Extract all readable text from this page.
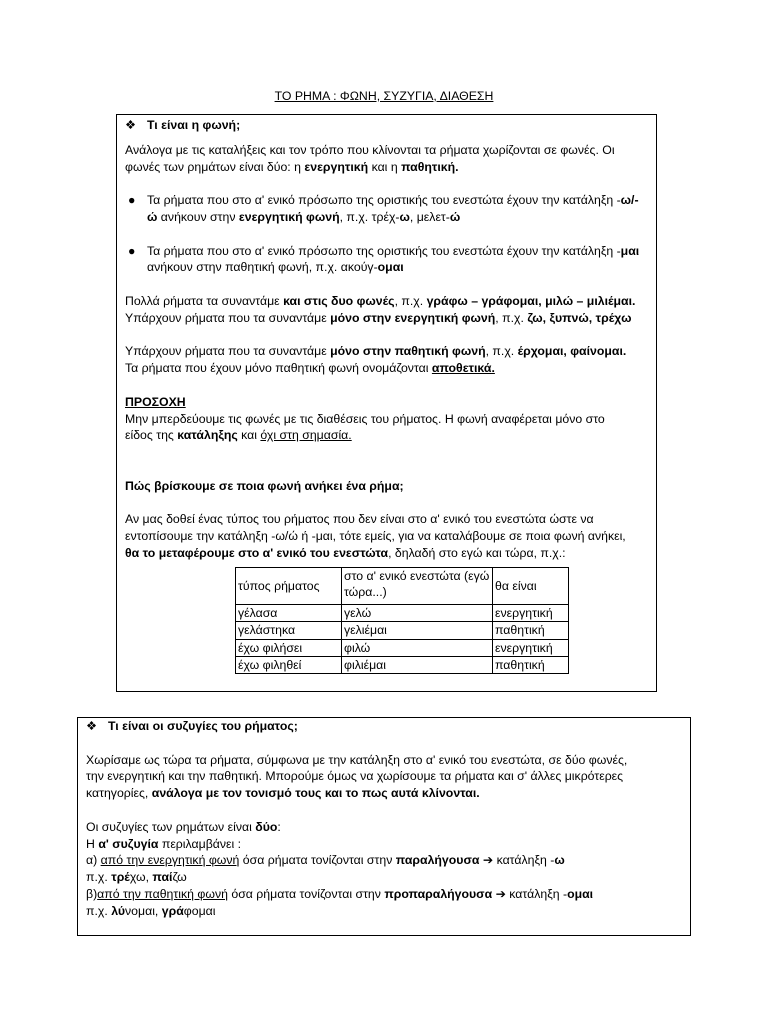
ΤΟ ΡΗΜΑ : ΦΩΝΗ, ΣΥΖΥΓΙΑ, ΔΙΑΘΕΣΗ
❖ Τι είναι η φωνή;
Ανάλογα με τις καταλήξεις και τον τρόπο που κλίνονται τα ρήματα χωρίζονται σε φωνές. Οι
φωνές των ρημάτων είναι δύο: η ενεργητική και η παθητική.
● Τα ρήματα που στο α' ενικό πρόσωπο της οριστικής του ενεστώτα έχουν την κατάληξη -ω/-
ώ ανήκουν στην ενεργητική φωνή, π.χ. τρέχ-ω, μελετ-ώ
● Τα ρήματα που στο α' ενικό πρόσωπο της οριστικής του ενεστώτα έχουν την κατάληξη -μαι
ανήκουν στην παθητική φωνή, π.χ. ακούγ-ομαι
Πολλά ρήματα τα συναντάμε και στις δυο φωνές, π.χ. γράφω – γράφομαι, μιλώ – μιλιέμαι.
Υπάρχουν ρήματα που τα συναντάμε μόνο στην ενεργητική φωνή, π.χ. ζω, ξυπνώ, τρέχω
Υπάρχουν ρήματα που τα συναντάμε μόνο στην παθητική φωνή, π.χ. έρχομαι, φαίνομαι.
Τα ρήματα που έχουν μόνο παθητική φωνή ονομάζονται αποθετικά.
ΠΡΟΣΟΧΗ
Μην μπερδεύουμε τις φωνές με τις διαθέσεις του ρήματος. Η φωνή αναφέρεται μόνο στο
είδος της κατάληξης και όχι στη σημασία.
Πώς βρίσκουμε σε ποια φωνή ανήκει ένα ρήμα;
Αν μας δοθεί ένας τύπος του ρήματος που δεν είναι στο α' ενικό του ενεστώτα ώστε να
εντοπίσουμε την κατάληξη -ω/ώ ή -μαι, τότε εμείς, για να καταλάβουμε σε ποια φωνή ανήκει,
θα το μεταφέρουμε στο α' ενικό του ενεστώτα, δηλαδή στο εγώ και τώρα, π.χ.:
τύπος ρήματος	στο α' ενικό ενεστώτα (εγώ τώρα...)	θα είναι
γέλασα	γελώ	ενεργητική
γελάστηκα	γελιέμαι	παθητική
έχω φιλήσει	φιλώ	ενεργητική
έχω φιληθεί	φιλιέμαι	παθητική
❖ Τι είναι οι συζυγίες του ρήματος;
Χωρίσαμε ως τώρα τα ρήματα, σύμφωνα με την κατάληξη στο α' ενικό του ενεστώτα, σε δύο φωνές,
την ενεργητική και την παθητική. Μπορούμε όμως να χωρίσουμε τα ρήματα και σ' άλλες μικρότερες
κατηγορίες, ανάλογα με τον τονισμό τους και το πως αυτά κλίνονται.
Οι συζυγίες των ρημάτων είναι δύο:
Η α' συζυγία περιλαμβάνει :
α) από την ενεργητική φωνή όσα ρήματα τονίζονται στην παραλήγουσα ➔ κατάληξη -ω
π.χ. τρέχω, παίζω
β)από την παθητική φωνή όσα ρήματα τονίζονται στην προπαραλήγουσα ➔ κατάληξη -ομαι
π.χ. λύνομαι, γράφομαι
